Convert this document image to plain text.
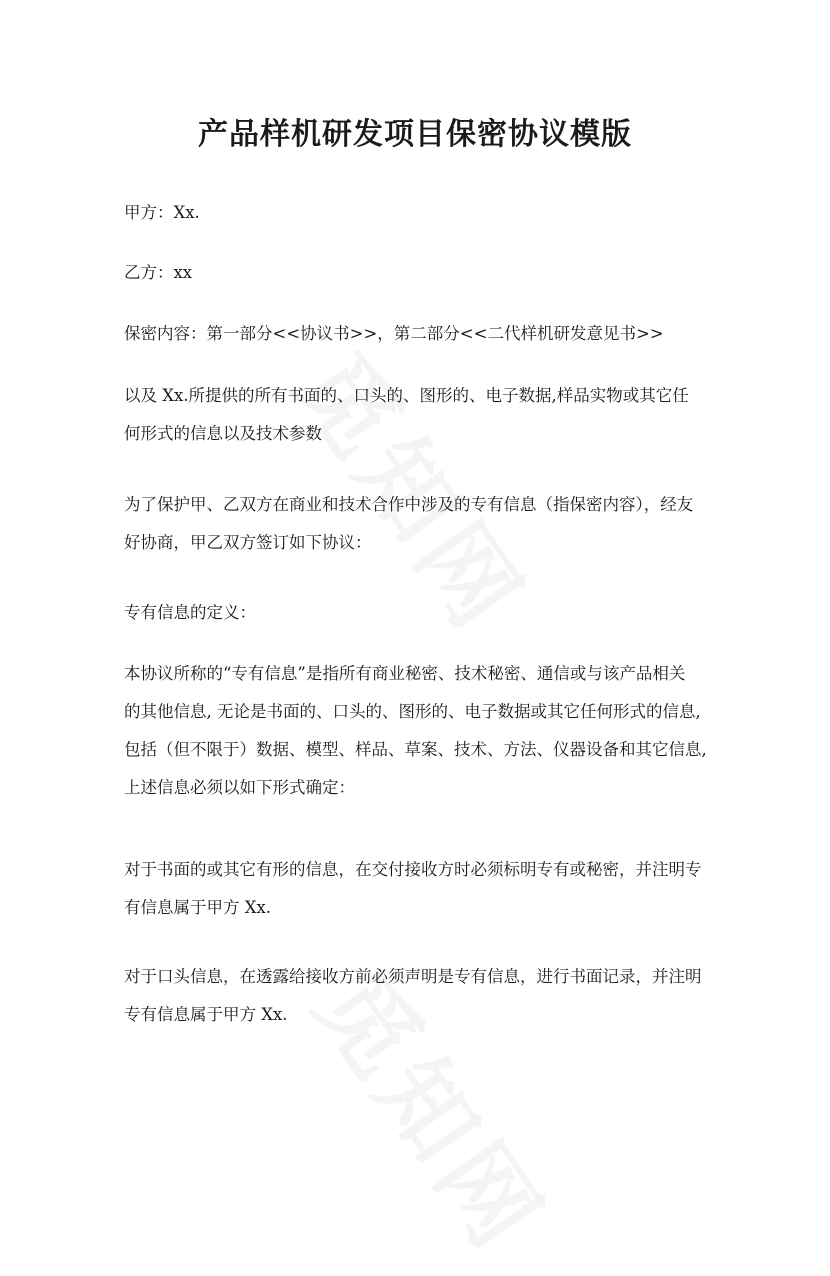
产品样机研发项目保密协议模版

甲方：Xx.

乙方：xx

保密内容：第一部分<<协议书>>，第二部分<<二代样机研发意见书>>

以及 Xx.所提供的所有书面的、口头的、图形的、电子数据,样品实物或其它任
何形式的信息以及技术参数

为了保护甲、乙双方在商业和技术合作中涉及的专有信息（指保密内容），经友
好协商，甲乙双方签订如下协议：

专有信息的定义：

本协议所称的“专有信息”是指所有商业秘密、技术秘密、通信或与该产品相关
的其他信息, 无论是书面的、口头的、图形的、电子数据或其它任何形式的信息,
包括（但不限于）数据、模型、样品、草案、技术、方法、仪器设备和其它信息,
上述信息必须以如下形式确定：

对于书面的或其它有形的信息，在交付接收方时必须标明专有或秘密，并注明专
有信息属于甲方 Xx.

对于口头信息，在透露给接收方前必须声明是专有信息，进行书面记录，并注明
专有信息属于甲方 Xx.
